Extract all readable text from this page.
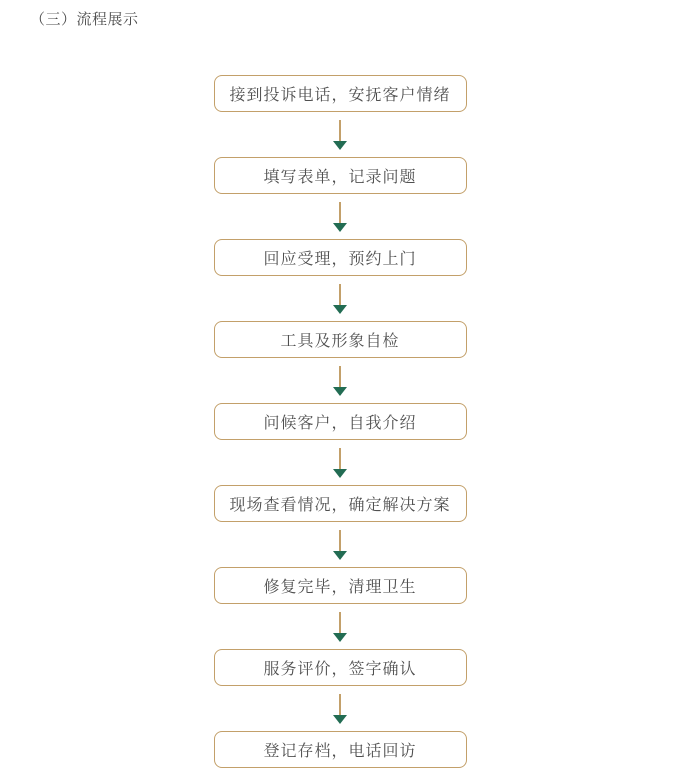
（三）流程展示
接到投诉电话，安抚客户情绪
填写表单，记录问题
回应受理，预约上门
工具及形象自检
问候客户，自我介绍
现场查看情况，确定解决方案
修复完毕，清理卫生
服务评价，签字确认
登记存档，电话回访
